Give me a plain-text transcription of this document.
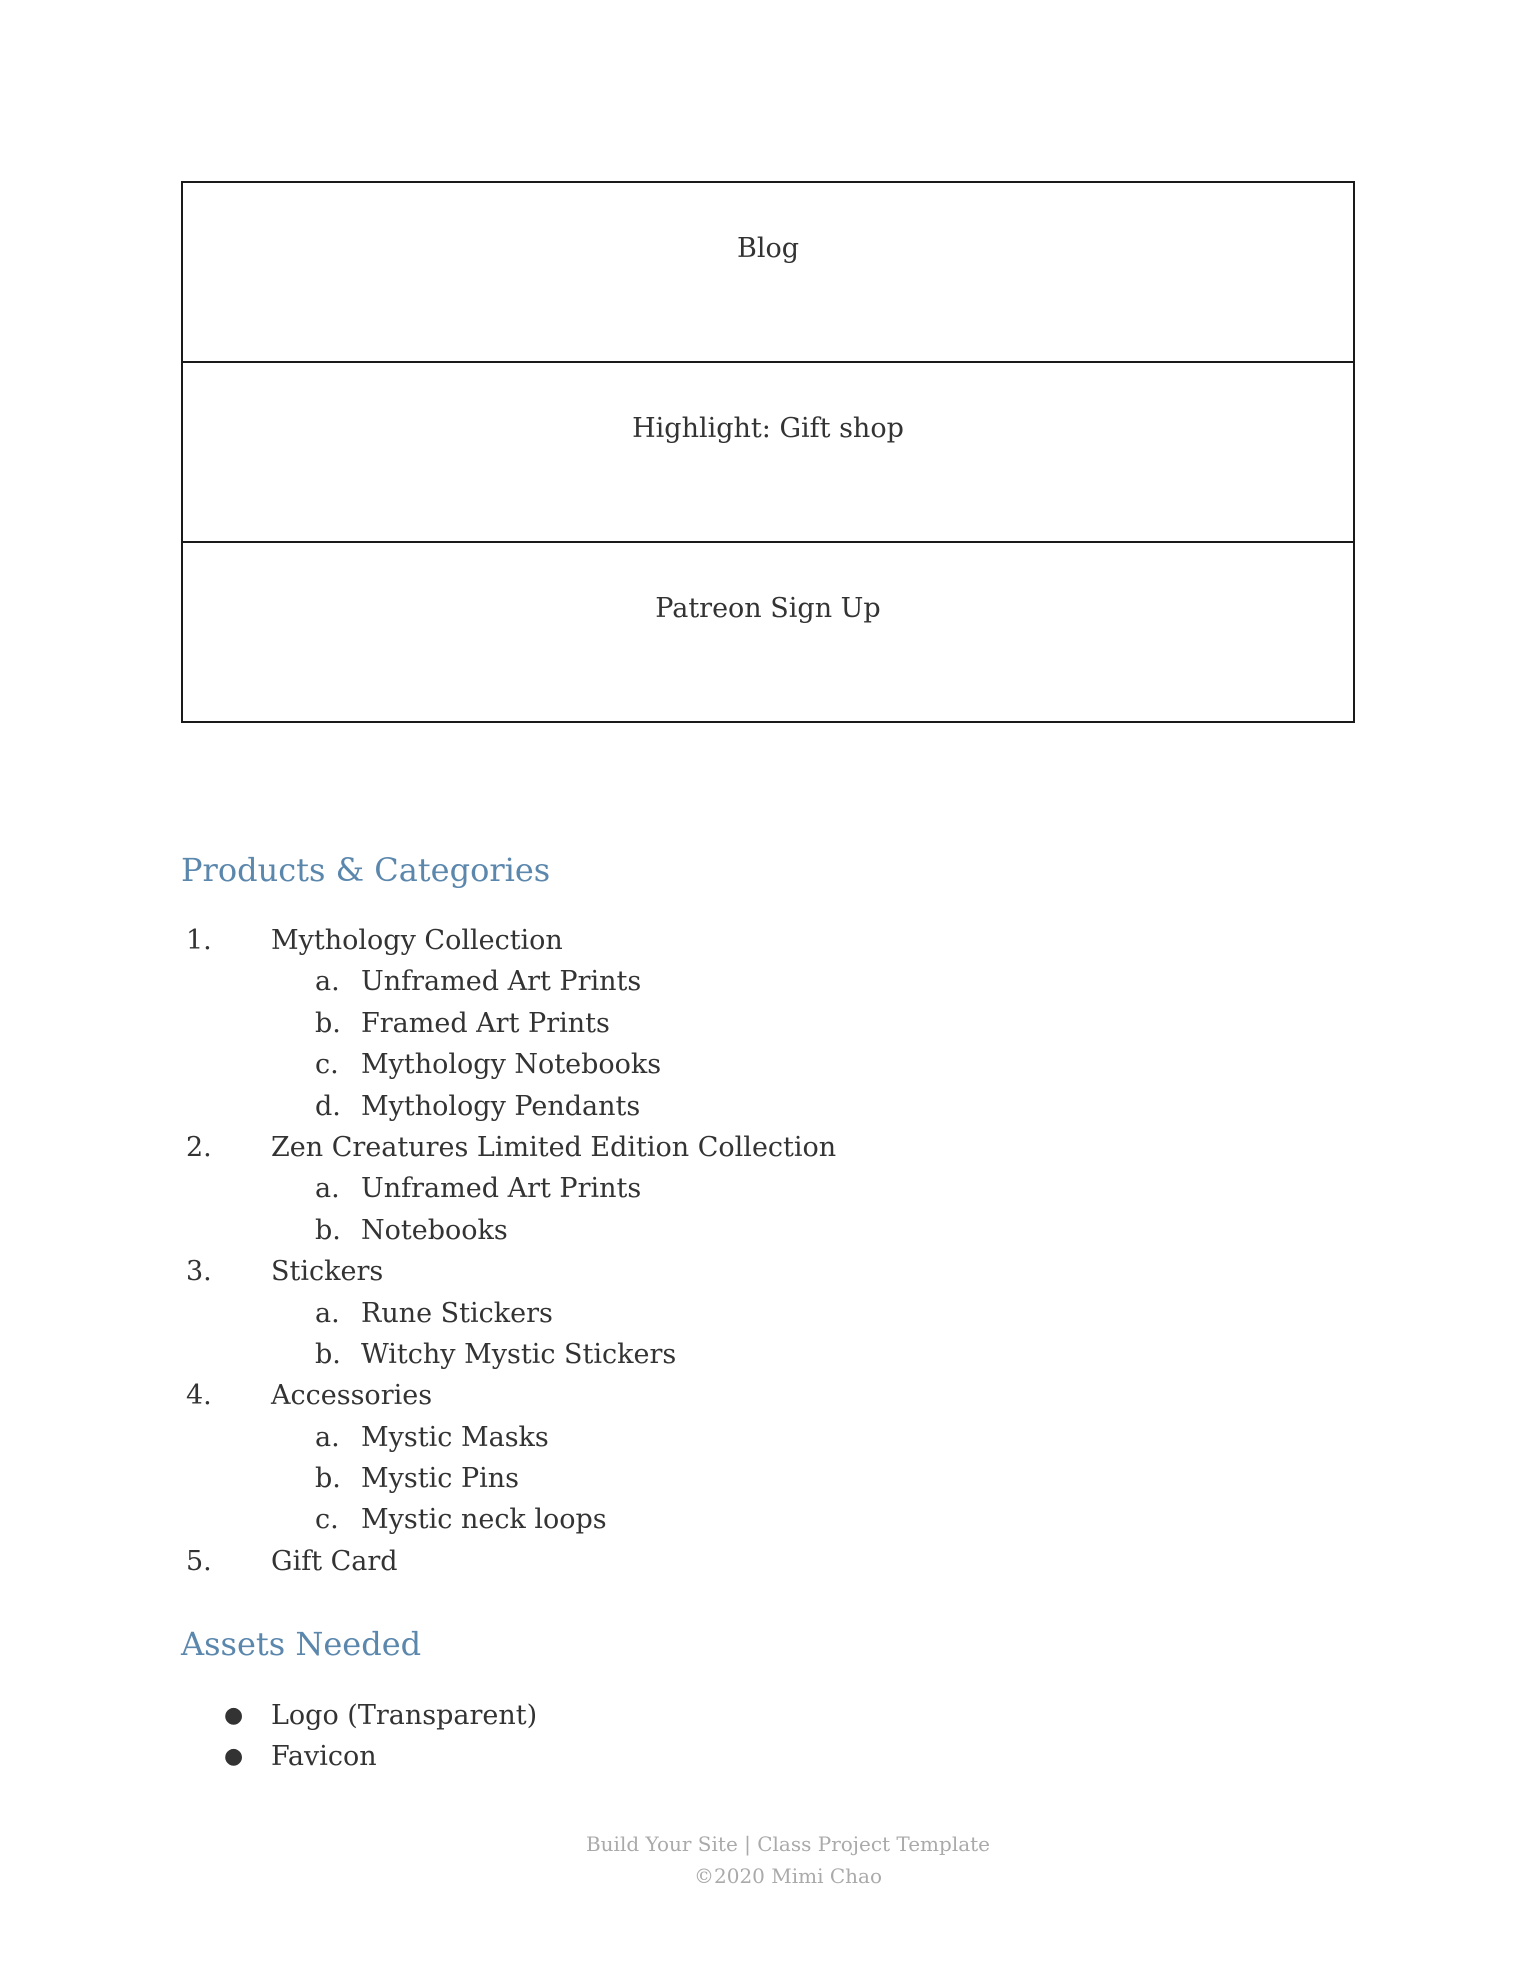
Blog
Highlight: Gift shop
Patreon Sign Up
Products & Categories
1.	Mythology Collection
a. Unframed Art Prints
b. Framed Art Prints
c. Mythology Notebooks
d. Mythology Pendants
2.	Zen Creatures Limited Edition Collection
a. Unframed Art Prints
b. Notebooks
3.	Stickers
a. Rune Stickers
b. Witchy Mystic Stickers
4.	Accessories
a. Mystic Masks
b. Mystic Pins
c. Mystic neck loops
5.	Gift Card
Assets Needed
● Logo (Transparent)
● Favicon
Build Your Site | Class Project Template
©2020 Mimi Chao
